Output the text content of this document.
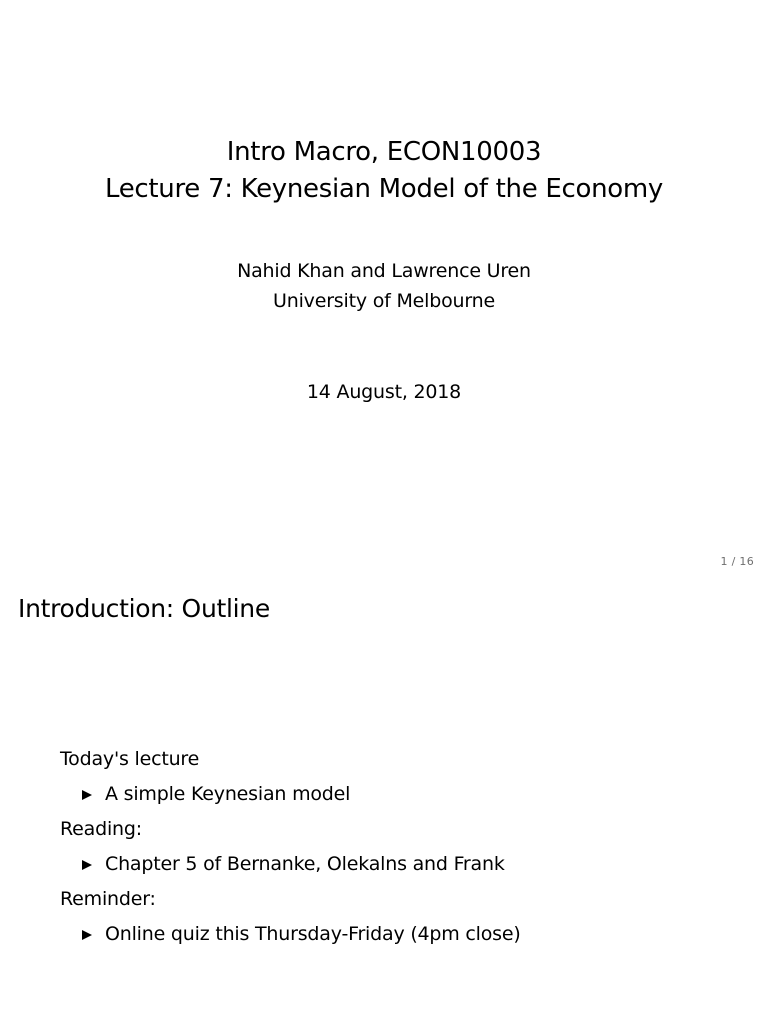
Intro Macro, ECON10003
Lecture 7: Keynesian Model of the Economy
Nahid Khan and Lawrence Uren
University of Melbourne
14 August, 2018
1 / 16
Introduction: Outline
Today's lecture
A simple Keynesian model
Reading:
Chapter 5 of Bernanke, Olekalns and Frank
Reminder:
Online quiz this Thursday-Friday (4pm close)
